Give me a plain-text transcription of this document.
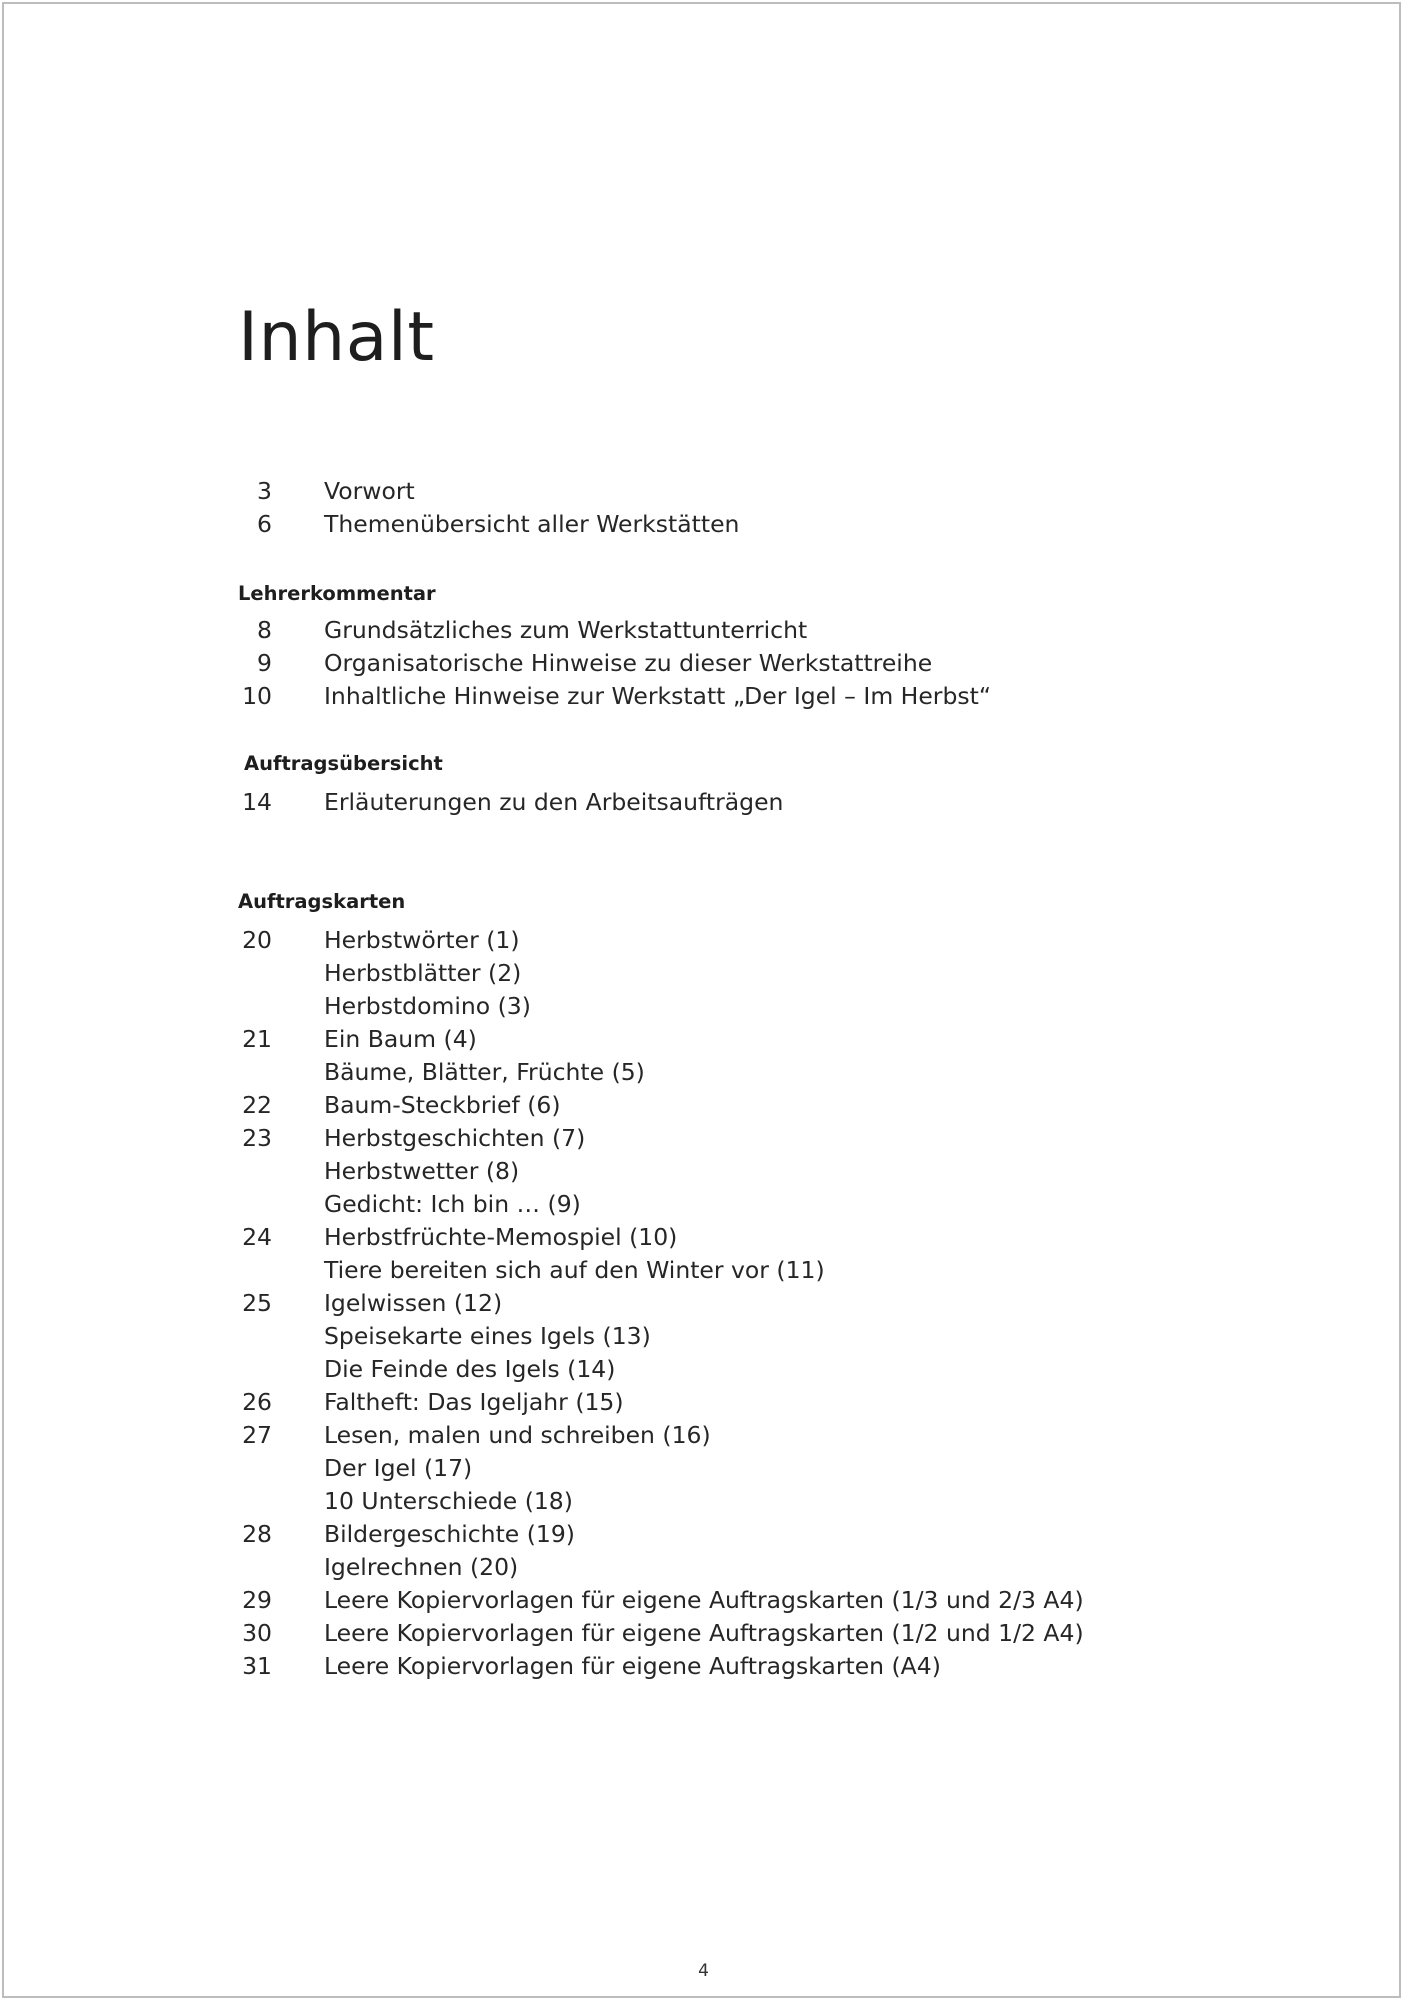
Inhalt
3 Vorwort
6 Themenübersicht aller Werkstätten
Lehrerkommentar
8 Grundsätzliches zum Werkstattunterricht
9 Organisatorische Hinweise zu dieser Werkstattreihe
10 Inhaltliche Hinweise zur Werkstatt „Der Igel – Im Herbst“
Auftragsübersicht
14 Erläuterungen zu den Arbeitsaufträgen
Auftragskarten
20 Herbstwörter (1)
Herbstblätter (2)
Herbstdomino (3)
21 Ein Baum (4)
Bäume, Blätter, Früchte (5)
22 Baum-Steckbrief (6)
23 Herbstgeschichten (7)
Herbstwetter (8)
Gedicht: Ich bin … (9)
24 Herbstfrüchte-Memospiel (10)
Tiere bereiten sich auf den Winter vor (11)
25 Igelwissen (12)
Speisekarte eines Igels (13)
Die Feinde des Igels (14)
26 Faltheft: Das Igeljahr (15)
27 Lesen, malen und schreiben (16)
Der Igel (17)
10 Unterschiede (18)
28 Bildergeschichte (19)
Igelrechnen (20)
29 Leere Kopiervorlagen für eigene Auftragskarten (1/3 und 2/3 A4)
30 Leere Kopiervorlagen für eigene Auftragskarten (1/2 und 1/2 A4)
31 Leere Kopiervorlagen für eigene Auftragskarten (A4)
4
